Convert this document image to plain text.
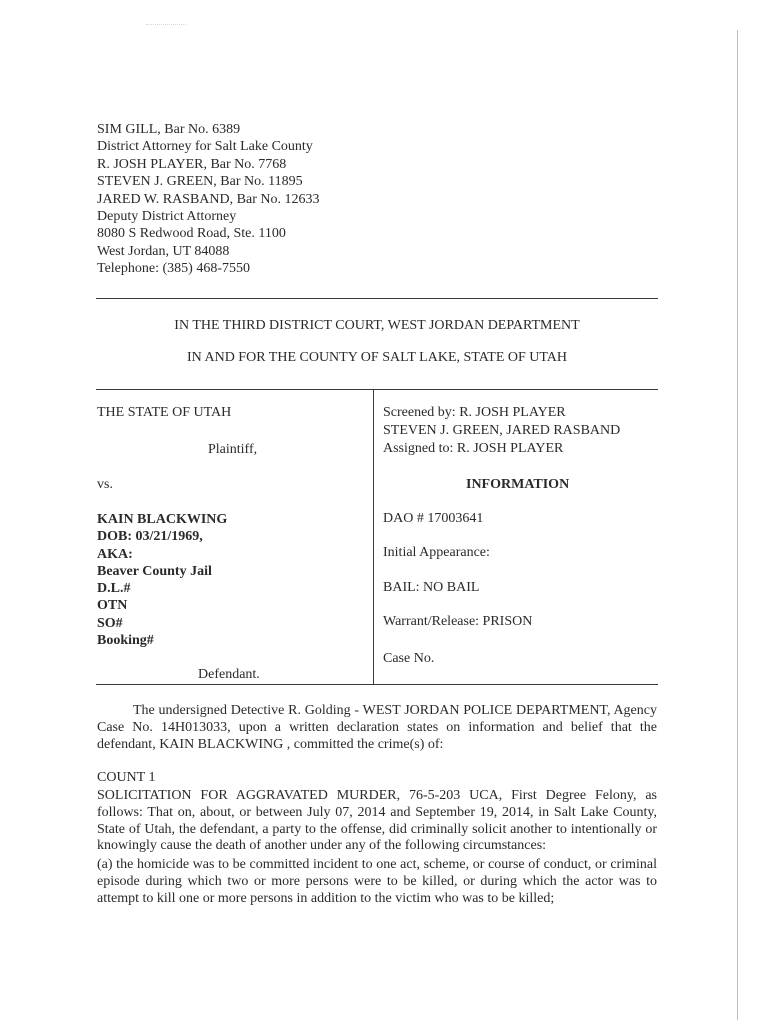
SIM GILL, Bar No. 6389
District Attorney for Salt Lake County
R. JOSH PLAYER, Bar No. 7768
STEVEN J. GREEN, Bar No. 11895
JARED W. RASBAND, Bar No. 12633
Deputy District Attorney
8080 S Redwood Road, Ste. 1100
West Jordan, UT 84088
Telephone: (385) 468-7550
IN THE THIRD DISTRICT COURT, WEST JORDAN DEPARTMENT
IN AND FOR THE COUNTY OF SALT LAKE, STATE OF UTAH
THE STATE OF UTAH
Plaintiff,
vs.
KAIN BLACKWING
DOB: 03/21/1969,
AKA:
Beaver County Jail
D.L.#
OTN
SO#
Booking#
Defendant.
Screened by: R. JOSH PLAYER
STEVEN J. GREEN, JARED RASBAND
Assigned to: R. JOSH PLAYER
INFORMATION
DAO # 17003641
Initial Appearance:
BAIL: NO BAIL
Warrant/Release: PRISON
Case No.
The undersigned Detective R. Golding - WEST JORDAN POLICE DEPARTMENT, Agency Case No. 14H013033, upon a written declaration states on information and belief that the defendant, KAIN BLACKWING , committed the crime(s) of:
COUNT 1
SOLICITATION FOR AGGRAVATED MURDER, 76-5-203 UCA, First Degree Felony, as follows: That on, about, or between July 07, 2014 and September 19, 2014, in Salt Lake County, State of Utah, the defendant, a party to the offense, did criminally solicit another to intentionally or knowingly cause the death of another under any of the following circumstances:
(a) the homicide was to be committed incident to one act, scheme, or course of conduct, or criminal episode during which two or more persons were to be killed, or during which the actor was to attempt to kill one or more persons in addition to the victim who was to be killed;
